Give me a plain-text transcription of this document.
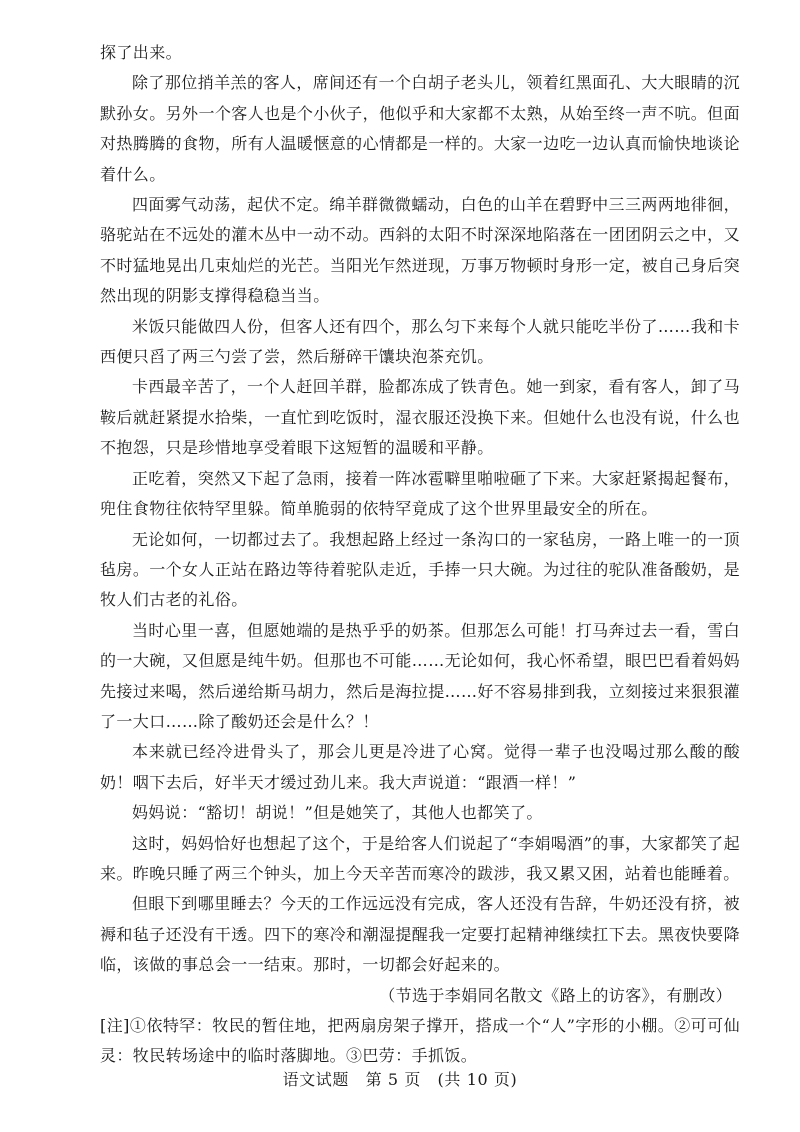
探了出来。

除了那位捎羊羔的客人，席间还有一个白胡子老头儿，领着红黑面孔、大大眼睛的沉默孙女。另外一个客人也是个小伙子，他似乎和大家都不太熟，从始至终一声不吭。但面对热腾腾的食物，所有人温暖惬意的心情都是一样的。大家一边吃一边认真而愉快地谈论着什么。

四面雾气动荡，起伏不定。绵羊群微微蠕动，白色的山羊在碧野中三三两两地徘徊，骆驼站在不远处的灌木丛中一动不动。西斜的太阳不时深深地陷落在一团团阴云之中，又不时猛地晃出几束灿烂的光芒。当阳光乍然迸现，万事万物顿时身形一定，被自己身后突然出现的阴影支撑得稳稳当当。

米饭只能做四人份，但客人还有四个，那么匀下来每个人就只能吃半份了……我和卡西便只舀了两三勺尝了尝，然后掰碎干馕块泡茶充饥。

卡西最辛苦了，一个人赶回羊群，脸都冻成了铁青色。她一到家，看有客人，卸了马鞍后就赶紧提水拾柴，一直忙到吃饭时，湿衣服还没换下来。但她什么也没有说，什么也不抱怨，只是珍惜地享受着眼下这短暂的温暖和平静。

正吃着，突然又下起了急雨，接着一阵冰雹噼里啪啦砸了下来。大家赶紧揭起餐布，兜住食物往依特罕里躲。简单脆弱的依特罕竟成了这个世界里最安全的所在。

无论如何，一切都过去了。我想起路上经过一条沟口的一家毡房，一路上唯一的一顶毡房。一个女人正站在路边等待着驼队走近，手捧一只大碗。为过往的驼队准备酸奶，是牧人们古老的礼俗。

当时心里一喜，但愿她端的是热乎乎的奶茶。但那怎么可能！打马奔过去一看，雪白的一大碗，又但愿是纯牛奶。但那也不可能……无论如何，我心怀希望，眼巴巴看着妈妈先接过来喝，然后递给斯马胡力，然后是海拉提……好不容易排到我，立刻接过来狠狠灌了一大口……除了酸奶还会是什么？！

本来就已经冷进骨头了，那会儿更是冷进了心窝。觉得一辈子也没喝过那么酸的酸奶！咽下去后，好半天才缓过劲儿来。我大声说道：“跟酒一样！”

妈妈说：“豁切！胡说！”但是她笑了，其他人也都笑了。

这时，妈妈恰好也想起了这个，于是给客人们说起了“李娟喝酒”的事，大家都笑了起来。昨晚只睡了两三个钟头，加上今天辛苦而寒冷的跋涉，我又累又困，站着也能睡着。

但眼下到哪里睡去？今天的工作远远没有完成，客人还没有告辞，牛奶还没有挤，被褥和毡子还没有干透。四下的寒冷和潮湿提醒我一定要打起精神继续扛下去。黑夜快要降临，该做的事总会一一结束。那时，一切都会好起来的。

（节选于李娟同名散文《路上的访客》，有删改）

[注]①依特罕：牧民的暂住地，把两扇房架子撑开，搭成一个“人”字形的小棚。②可可仙灵：牧民转场途中的临时落脚地。③巴劳：手抓饭。

语文试题　第 5 页　(共 10 页)
